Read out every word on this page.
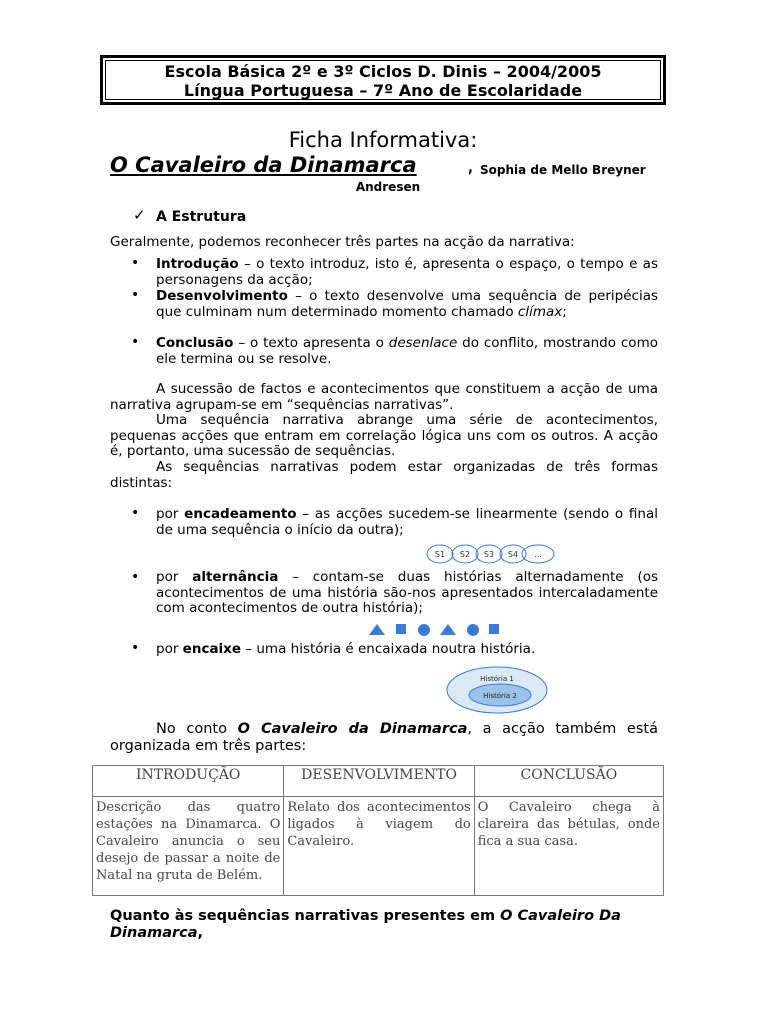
Escola Básica 2º e 3º Ciclos D. Dinis – 2004/2005
Língua Portuguesa – 7º Ano de Escolaridade
Ficha Informativa:
O Cavaleiro da Dinamarca , Sophia de Mello Breyner
Andresen
✓ A Estrutura
Geralmente, podemos reconhecer três partes na acção da narrativa:
• Introdução – o texto introduz, isto é, apresenta o espaço, o tempo e as personagens da acção;
• Desenvolvimento – o texto desenvolve uma sequência de peripécias que culminam num determinado momento chamado clímax;
• Conclusão – o texto apresenta o desenlace do conflito, mostrando como ele termina ou se resolve.
A sucessão de factos e acontecimentos que constituem a acção de uma narrativa agrupam-se em “sequências narrativas”.
Uma sequência narrativa abrange uma série de acontecimentos, pequenas acções que entram em correlação lógica uns com os outros. A acção é, portanto, uma sucessão de sequências.
As sequências narrativas podem estar organizadas de três formas distintas:
• por encadeamento – as acções sucedem-se linearmente (sendo o final de uma sequência o início da outra);
S1 S2 S3 S4 ...
• por alternância – contam-se duas histórias alternadamente (os acontecimentos de uma história são-nos apresentados intercaladamente com acontecimentos de outra história);
• por encaixe – uma história é encaixada noutra história.
História 1
História 2
No conto O Cavaleiro da Dinamarca, a acção também está organizada em três partes:
INTRODUÇÃO	DESENVOLVIMENTO	CONCLUSÃO
Descrição das quatro estações na Dinamarca. O Cavaleiro anuncia o seu desejo de passar a noite de Natal na gruta de Belém.	Relato dos acontecimentos ligados à viagem do Cavaleiro.	O Cavaleiro chega à clareira das bétulas, onde fica a sua casa.
Quanto às sequências narrativas presentes em O Cavaleiro Da Dinamarca,
